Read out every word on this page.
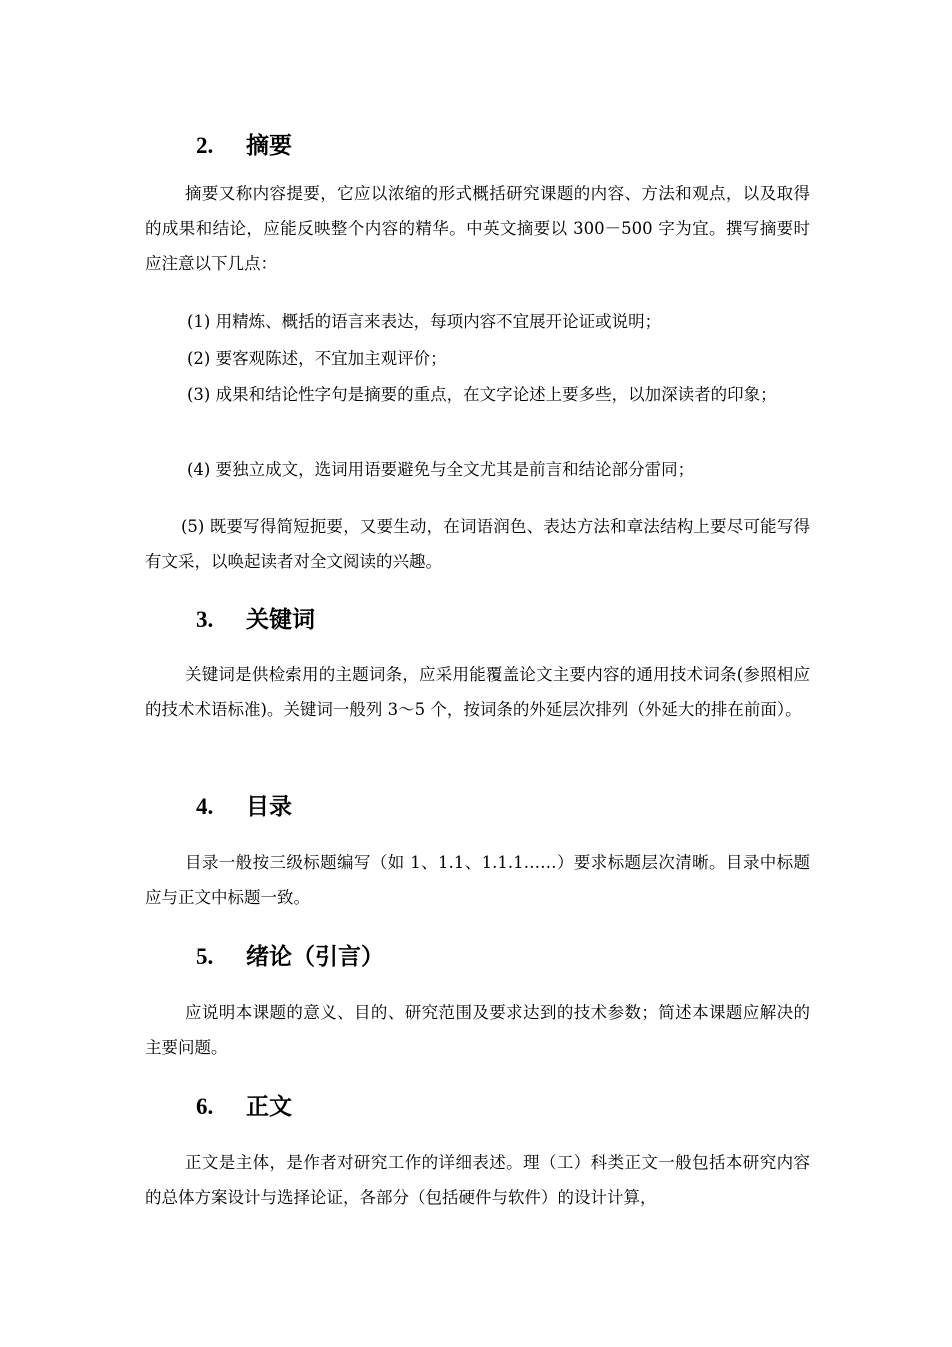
2. 摘要

摘要又称内容提要，它应以浓缩的形式概括研究课题的内容、方法和观点，以及取得的成果和结论，应能反映整个内容的精华。中英文摘要以 300－500 字为宜。撰写摘要时应注意以下几点：

(1) 用精炼、概括的语言来表达，每项内容不宜展开论证或说明；

(2) 要客观陈述，不宜加主观评价；

(3) 成果和结论性字句是摘要的重点，在文字论述上要多些，以加深读者的印象；

(4) 要独立成文，选词用语要避免与全文尤其是前言和结论部分雷同；

(5) 既要写得简短扼要，又要生动，在词语润色、表达方法和章法结构上要尽可能写得有文采，以唤起读者对全文阅读的兴趣。

3. 关键词

关键词是供检索用的主题词条，应采用能覆盖论文主要内容的通用技术词条(参照相应的技术术语标准)。关键词一般列 3～5 个，按词条的外延层次排列（外延大的排在前面）。

4. 目录

目录一般按三级标题编写（如 1、1.1、1.1.1……）要求标题层次清晰。目录中标题应与正文中标题一致。

5. 绪论（引言）

应说明本课题的意义、目的、研究范围及要求达到的技术参数；简述本课题应解决的主要问题。

6. 正文

正文是主体，是作者对研究工作的详细表述。理（工）科类正文一般包括本研究内容的总体方案设计与选择论证，各部分（包括硬件与软件）的设计计算，
